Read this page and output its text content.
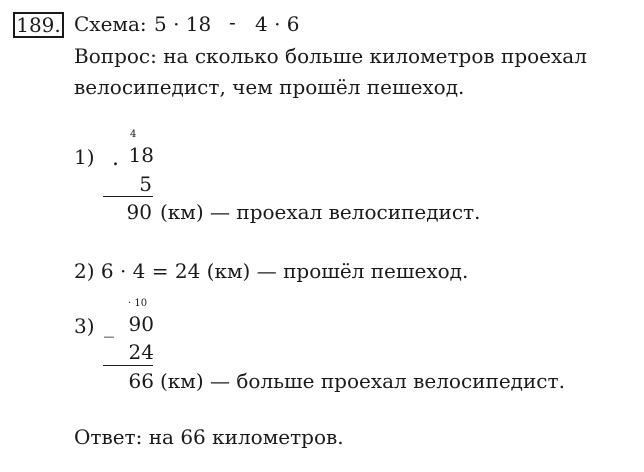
189. Схема: 5 · 18 - 4 · 6
Вопрос: на сколько больше километров проехал
велосипедист, чем прошёл пешеход.
1) .
4
18
5
90 (км) — проехал велосипедист.
2) 6 · 4 = 24 (км) — прошёл пешеход.
3) _
· 10
90
24
66 (км) — больше проехал велосипедист.
Ответ: на 66 километров.
